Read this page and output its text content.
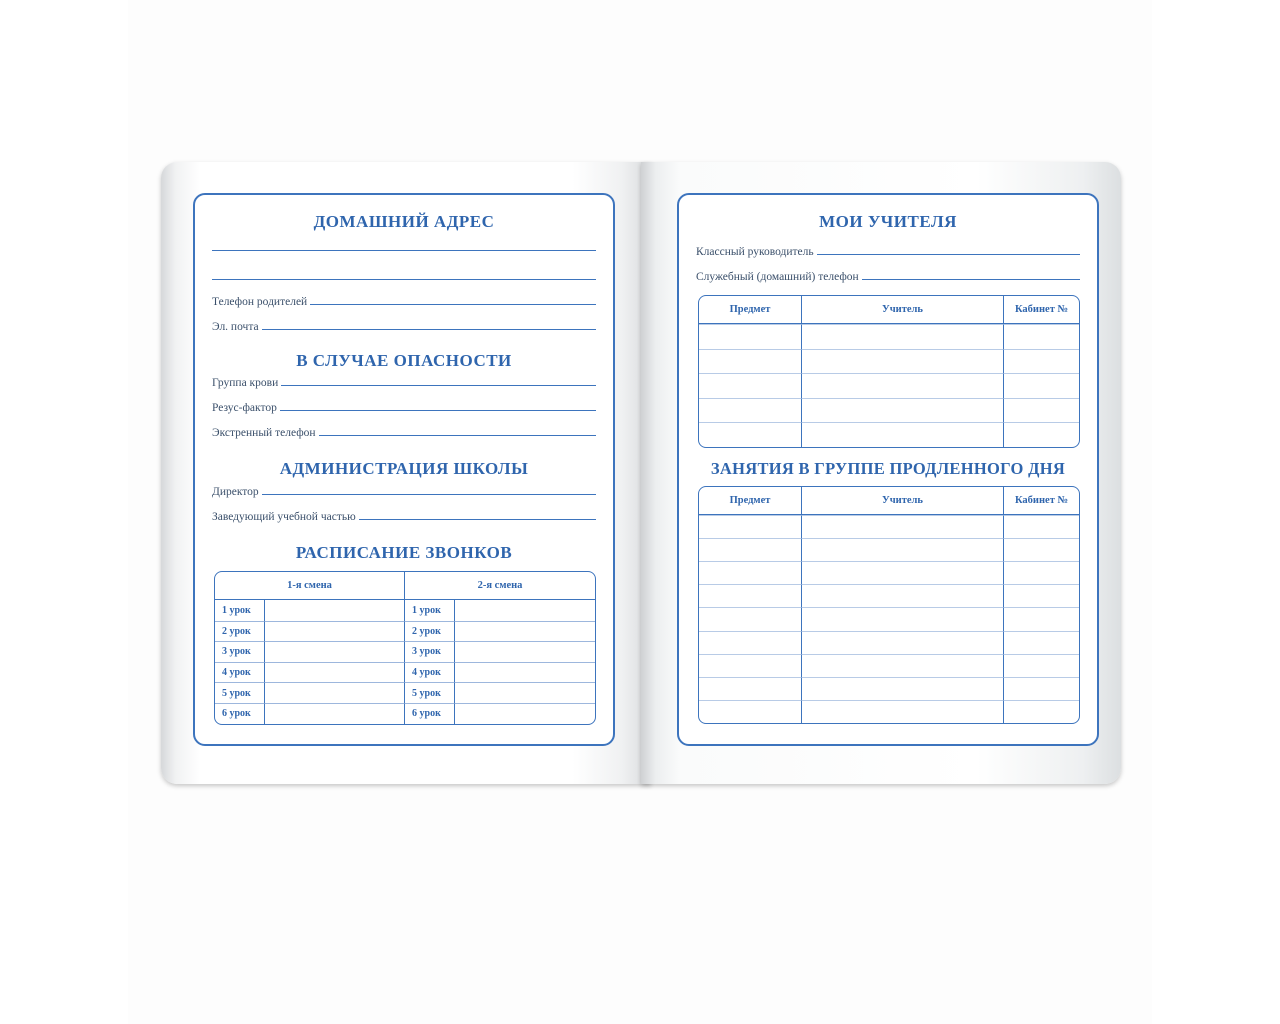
ДОМАШНИЙ АДРЕС
Телефон родителей
Эл. почта
В СЛУЧАЕ ОПАСНОСТИ
Группа крови
Резус-фактор
Экстренный телефон
АДМИНИСТРАЦИЯ ШКОЛЫ
Директор
Заведующий учебной частью
РАСПИСАНИЕ ЗВОНКОВ
1-я смена		2-я смена	
1 урок		1 урок	
2 урок		2 урок	
3 урок		3 урок	
4 урок		4 урок	
5 урок		5 урок	
6 урок		6 урок	
МОИ УЧИТЕЛЯ
Классный руководитель
Служебный (домашний) телефон
Предмет	Учитель	Кабинет №

ЗАНЯТИЯ В ГРУППЕ ПРОДЛЕННОГО ДНЯ
Предмет	Учитель	Кабинет №
